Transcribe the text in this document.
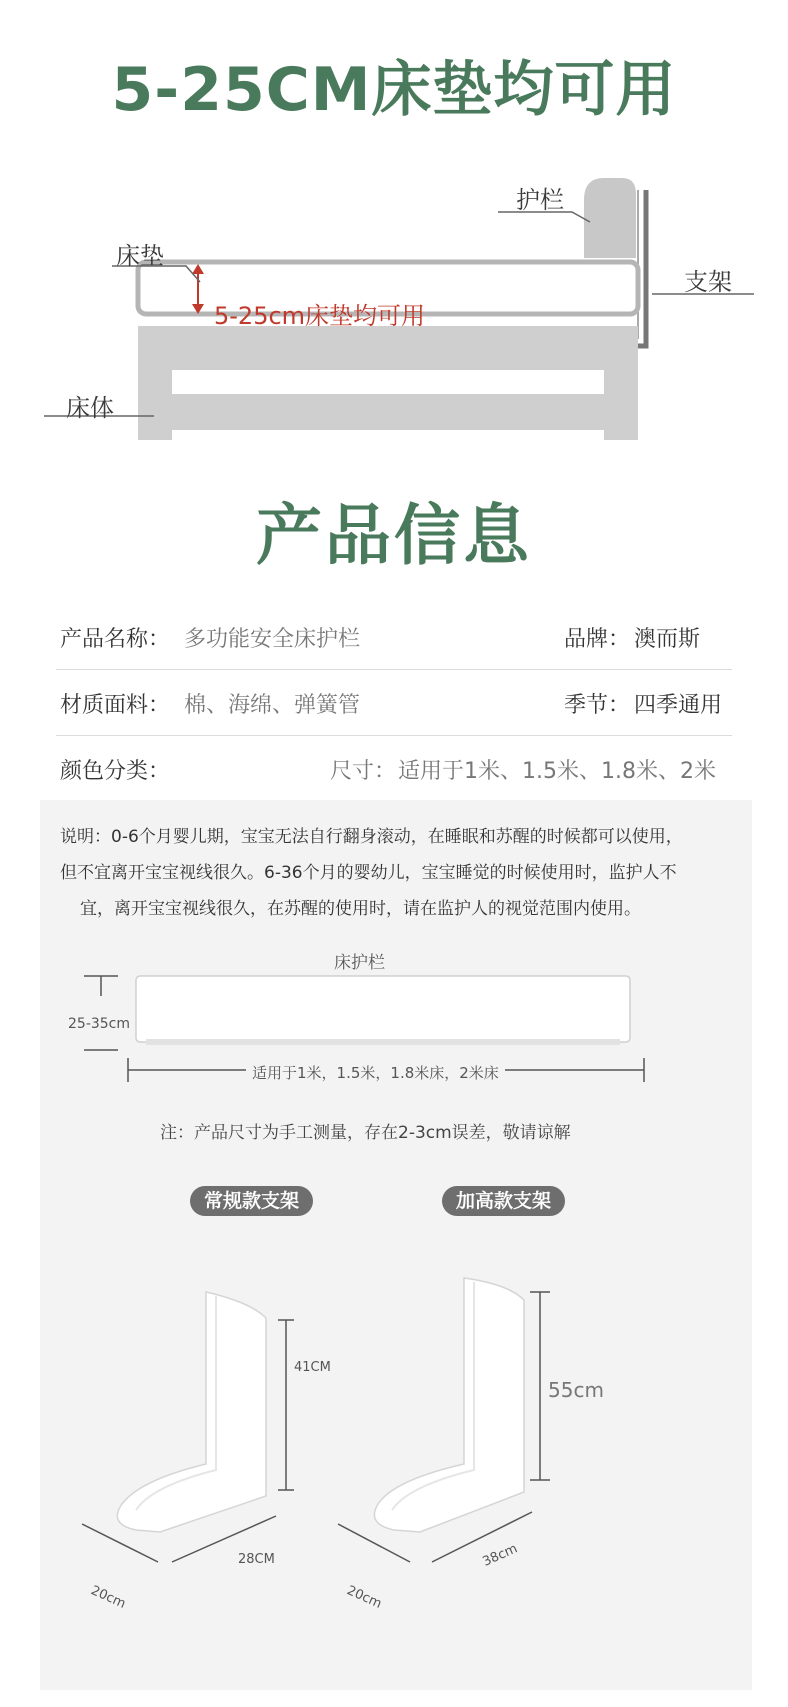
5-25CM床垫均可用
护栏
床垫
支架
床体
5-25cm床垫均可用
产品信息
产品名称： 多功能安全床护栏	品牌： 澳而斯
材质面料： 棉、海绵、弹簧管	季节： 四季通用
颜色分类：	尺寸： 适用于1米、1.5米、1.8米、2米
说明：0-6个月婴儿期，宝宝无法自行翻身滚动，在睡眠和苏醒的时候都可以使用，
但不宜离开宝宝视线很久。6-36个月的婴幼儿，宝宝睡觉的时候使用时，监护人不
宜，离开宝宝视线很久，在苏醒的使用时，请在监护人的视觉范围内使用。
床护栏
25-35cm
适用于1米，1.5米，1.8米床，2米床
注：产品尺寸为手工测量，存在2-3cm误差，敬请谅解
常规款支架	加高款支架
41CM
20cm
28CM
55cm
20cm
38cm
